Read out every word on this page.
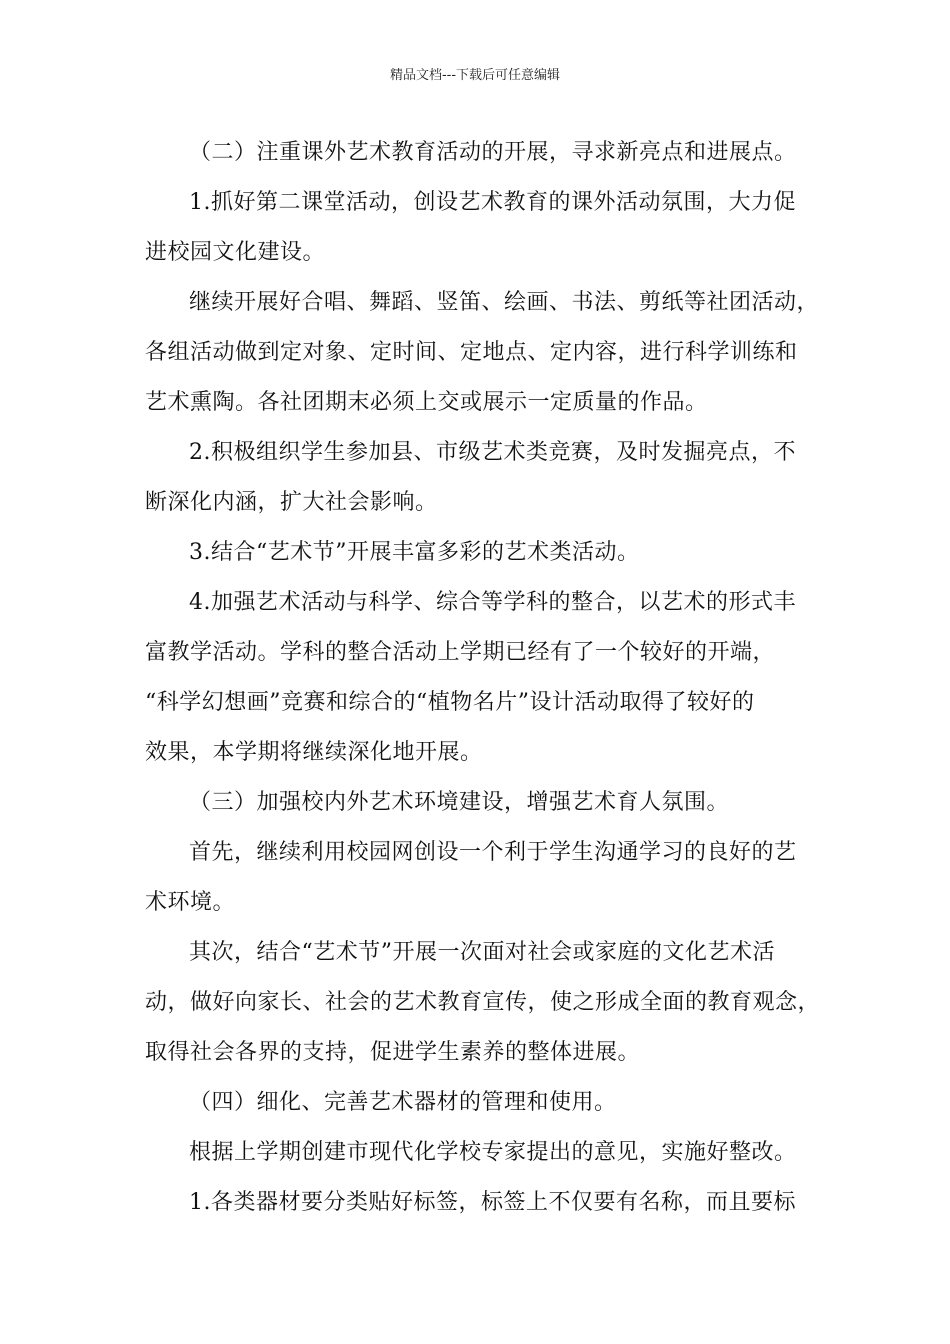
精品文档---下载后可任意编辑
（二）注重课外艺术教育活动的开展，寻求新亮点和进展点。
1.抓好第二课堂活动，创设艺术教育的课外活动氛围，大力促
进校园文化建设。
继续开展好合唱、舞蹈、竖笛、绘画、书法、剪纸等社团活动，
各组活动做到定对象、定时间、定地点、定内容，进行科学训练和
艺术熏陶。各社团期末必须上交或展示一定质量的作品。
2.积极组织学生参加县、市级艺术类竞赛，及时发掘亮点，不
断深化内涵，扩大社会影响。
3.结合“艺术节”开展丰富多彩的艺术类活动。
4.加强艺术活动与科学、综合等学科的整合，以艺术的形式丰
富教学活动。学科的整合活动上学期已经有了一个较好的开端，
“科学幻想画”竞赛和综合的“植物名片”设计活动取得了较好的
效果，本学期将继续深化地开展。
（三）加强校内外艺术环境建设，增强艺术育人氛围。
首先，继续利用校园网创设一个利于学生沟通学习的良好的艺
术环境。
其次，结合“艺术节”开展一次面对社会或家庭的文化艺术活
动，做好向家长、社会的艺术教育宣传，使之形成全面的教育观念，
取得社会各界的支持，促进学生素养的整体进展。
（四）细化、完善艺术器材的管理和使用。
根据上学期创建市现代化学校专家提出的意见，实施好整改。
1.各类器材要分类贴好标签，标签上不仅要有名称，而且要标
